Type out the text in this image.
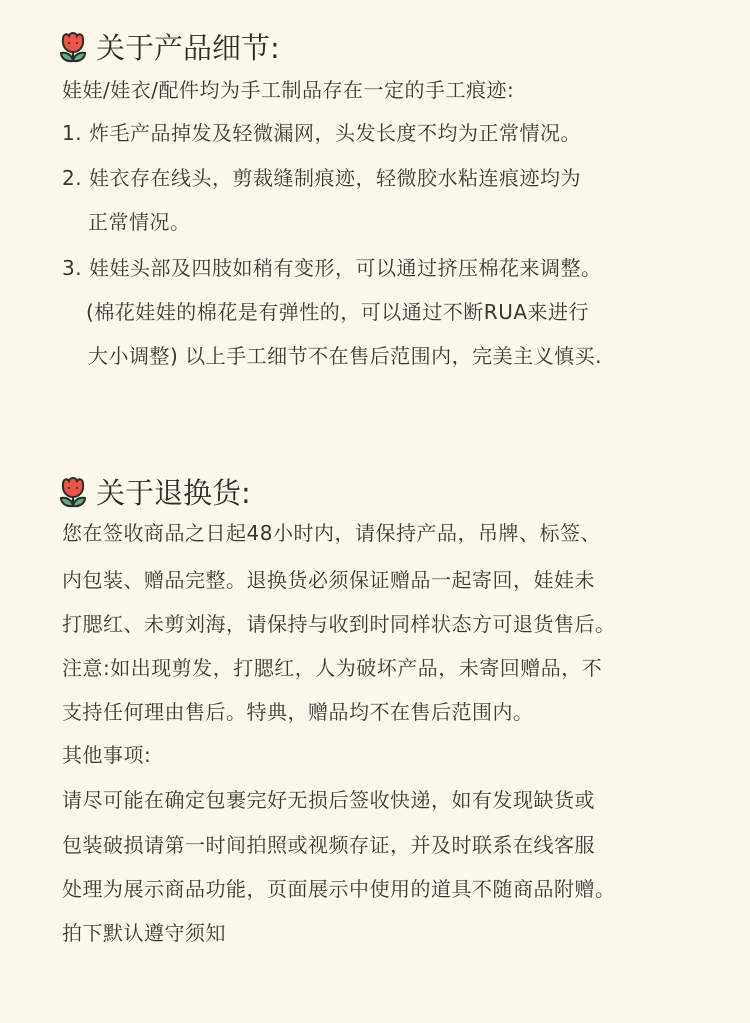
关于产品细节:
娃娃/娃衣/配件均为手工制品存在一定的手工痕迹:
1. 炸毛产品掉发及轻微漏网，头发长度不均为正常情况。
2. 娃衣存在线头，剪裁缝制痕迹，轻微胶水粘连痕迹均为
正常情况。
3. 娃娃头部及四肢如稍有变形，可以通过挤压棉花来调整。
(棉花娃娃的棉花是有弹性的，可以通过不断RUA来进行
大小调整) 以上手工细节不在售后范围内，完美主义慎买.
关于退换货:
您在签收商品之日起48小时内，请保持产品，吊牌、标签、
内包装、赠品完整。退换货必须保证赠品一起寄回，娃娃未
打腮红、未剪刘海，请保持与收到时同样状态方可退货售后。
注意:如出现剪发，打腮红，人为破坏产品，未寄回赠品，不
支持任何理由售后。特典，赠品均不在售后范围内。
其他事项:
请尽可能在确定包裹完好无损后签收快递，如有发现缺货或
包装破损请第一时间拍照或视频存证，并及时联系在线客服
处理为展示商品功能，页面展示中使用的道具不随商品附赠。
拍下默认遵守须知
